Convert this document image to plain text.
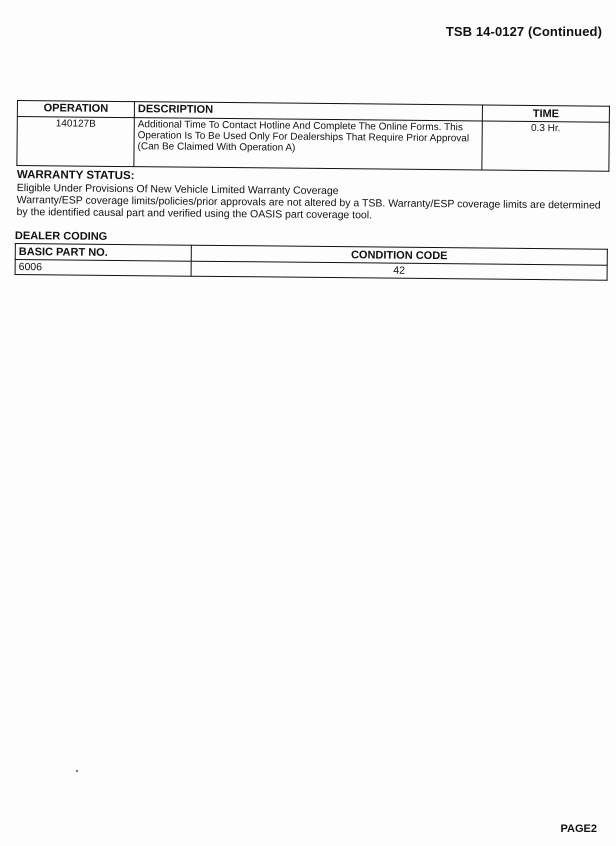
TSB 14-0127 (Continued)
OPERATION	DESCRIPTION	TIME
140127B	Additional Time To Contact Hotline And Complete The Online Forms. This Operation Is To Be Used Only For Dealerships That Require Prior Approval (Can Be Claimed With Operation A)	0.3 Hr.
WARRANTY STATUS:

Eligible Under Provisions Of New Vehicle Limited Warranty Coverage

Warranty/ESP coverage limits/policies/prior approvals are not altered by a TSB. Warranty/ESP coverage limits are determined by the identified causal part and verified using the OASIS part coverage tool.

DEALER CODING
BASIC PART NO.	CONDITION CODE
6006	42
PAGE2
